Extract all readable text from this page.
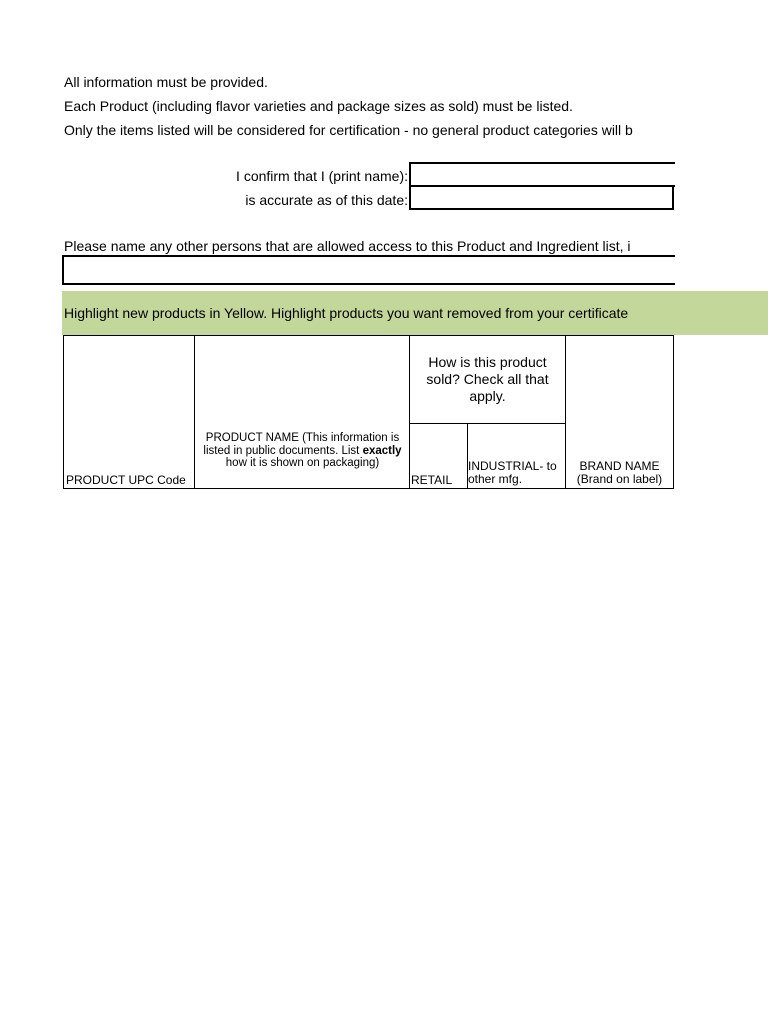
All information must be provided.
Each Product (including flavor varieties and package sizes as sold) must be listed.
Only the items listed will be considered for certification - no general product categories will b
I confirm that I (print name):
is accurate as of this date:
Please name any other persons that are allowed access to this Product and Ingredient list, i
Highlight new products in Yellow. Highlight products you want removed from your certificate
PRODUCT UPC Code
PRODUCT NAME (This information is listed in public documents. List exactly how it is shown on packaging)
How is this product sold? Check all that apply.
RETAIL
INDUSTRIAL- to other mfg.
BRAND NAME (Brand on label)
